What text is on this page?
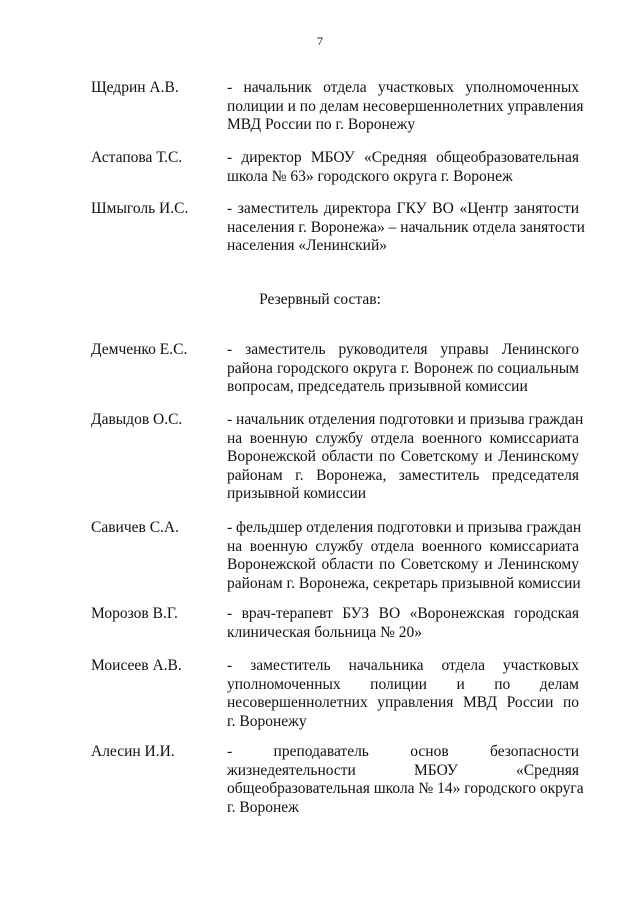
7
Щедрин А.В.	- начальник отдела участковых уполномоченных
полиции и по делам несовершеннолетних управления
МВД России по г. Воронежу
Астапова Т.С.	- директор МБОУ «Средняя общеобразовательная
школа № 63» городского округа г. Воронеж
Шмыголь И.С. - заместитель директора ГКУ ВО «Центр занятости
населения г. Воронежа» – начальник отдела занятости
населения «Ленинский»
Резервный состав:
Демченко Е.С.	- заместитель руководителя управы Ленинского
района городского округа г. Воронеж по социальным
вопросам, председатель призывной комиссии
Давыдов О.С.	- начальник отделения подготовки и призыва граждан
на военную службу отдела военного комиссариата
Воронежской области по Советскому и Ленинскому
районам г. Воронежа, заместитель председателя
призывной комиссии
Савичев С.А.	- фельдшер отделения подготовки и призыва граждан
на военную службу отдела военного комиссариата
Воронежской области по Советскому и Ленинскому
районам г. Воронежа, секретарь призывной комиссии
Морозов В.Г.	- врач-терапевт БУЗ ВО «Воронежская городская
клиническая больница № 20»
Моисеев А.В.	- заместитель начальника отдела участковых
уполномоченных полиции и по делам
несовершеннолетних управления МВД России по
г. Воронежу
Алесин И.И.	- преподаватель основ безопасности
жизнедеятельности МБОУ «Средняя
общеобразовательная школа № 14» городского округа
г. Воронеж
